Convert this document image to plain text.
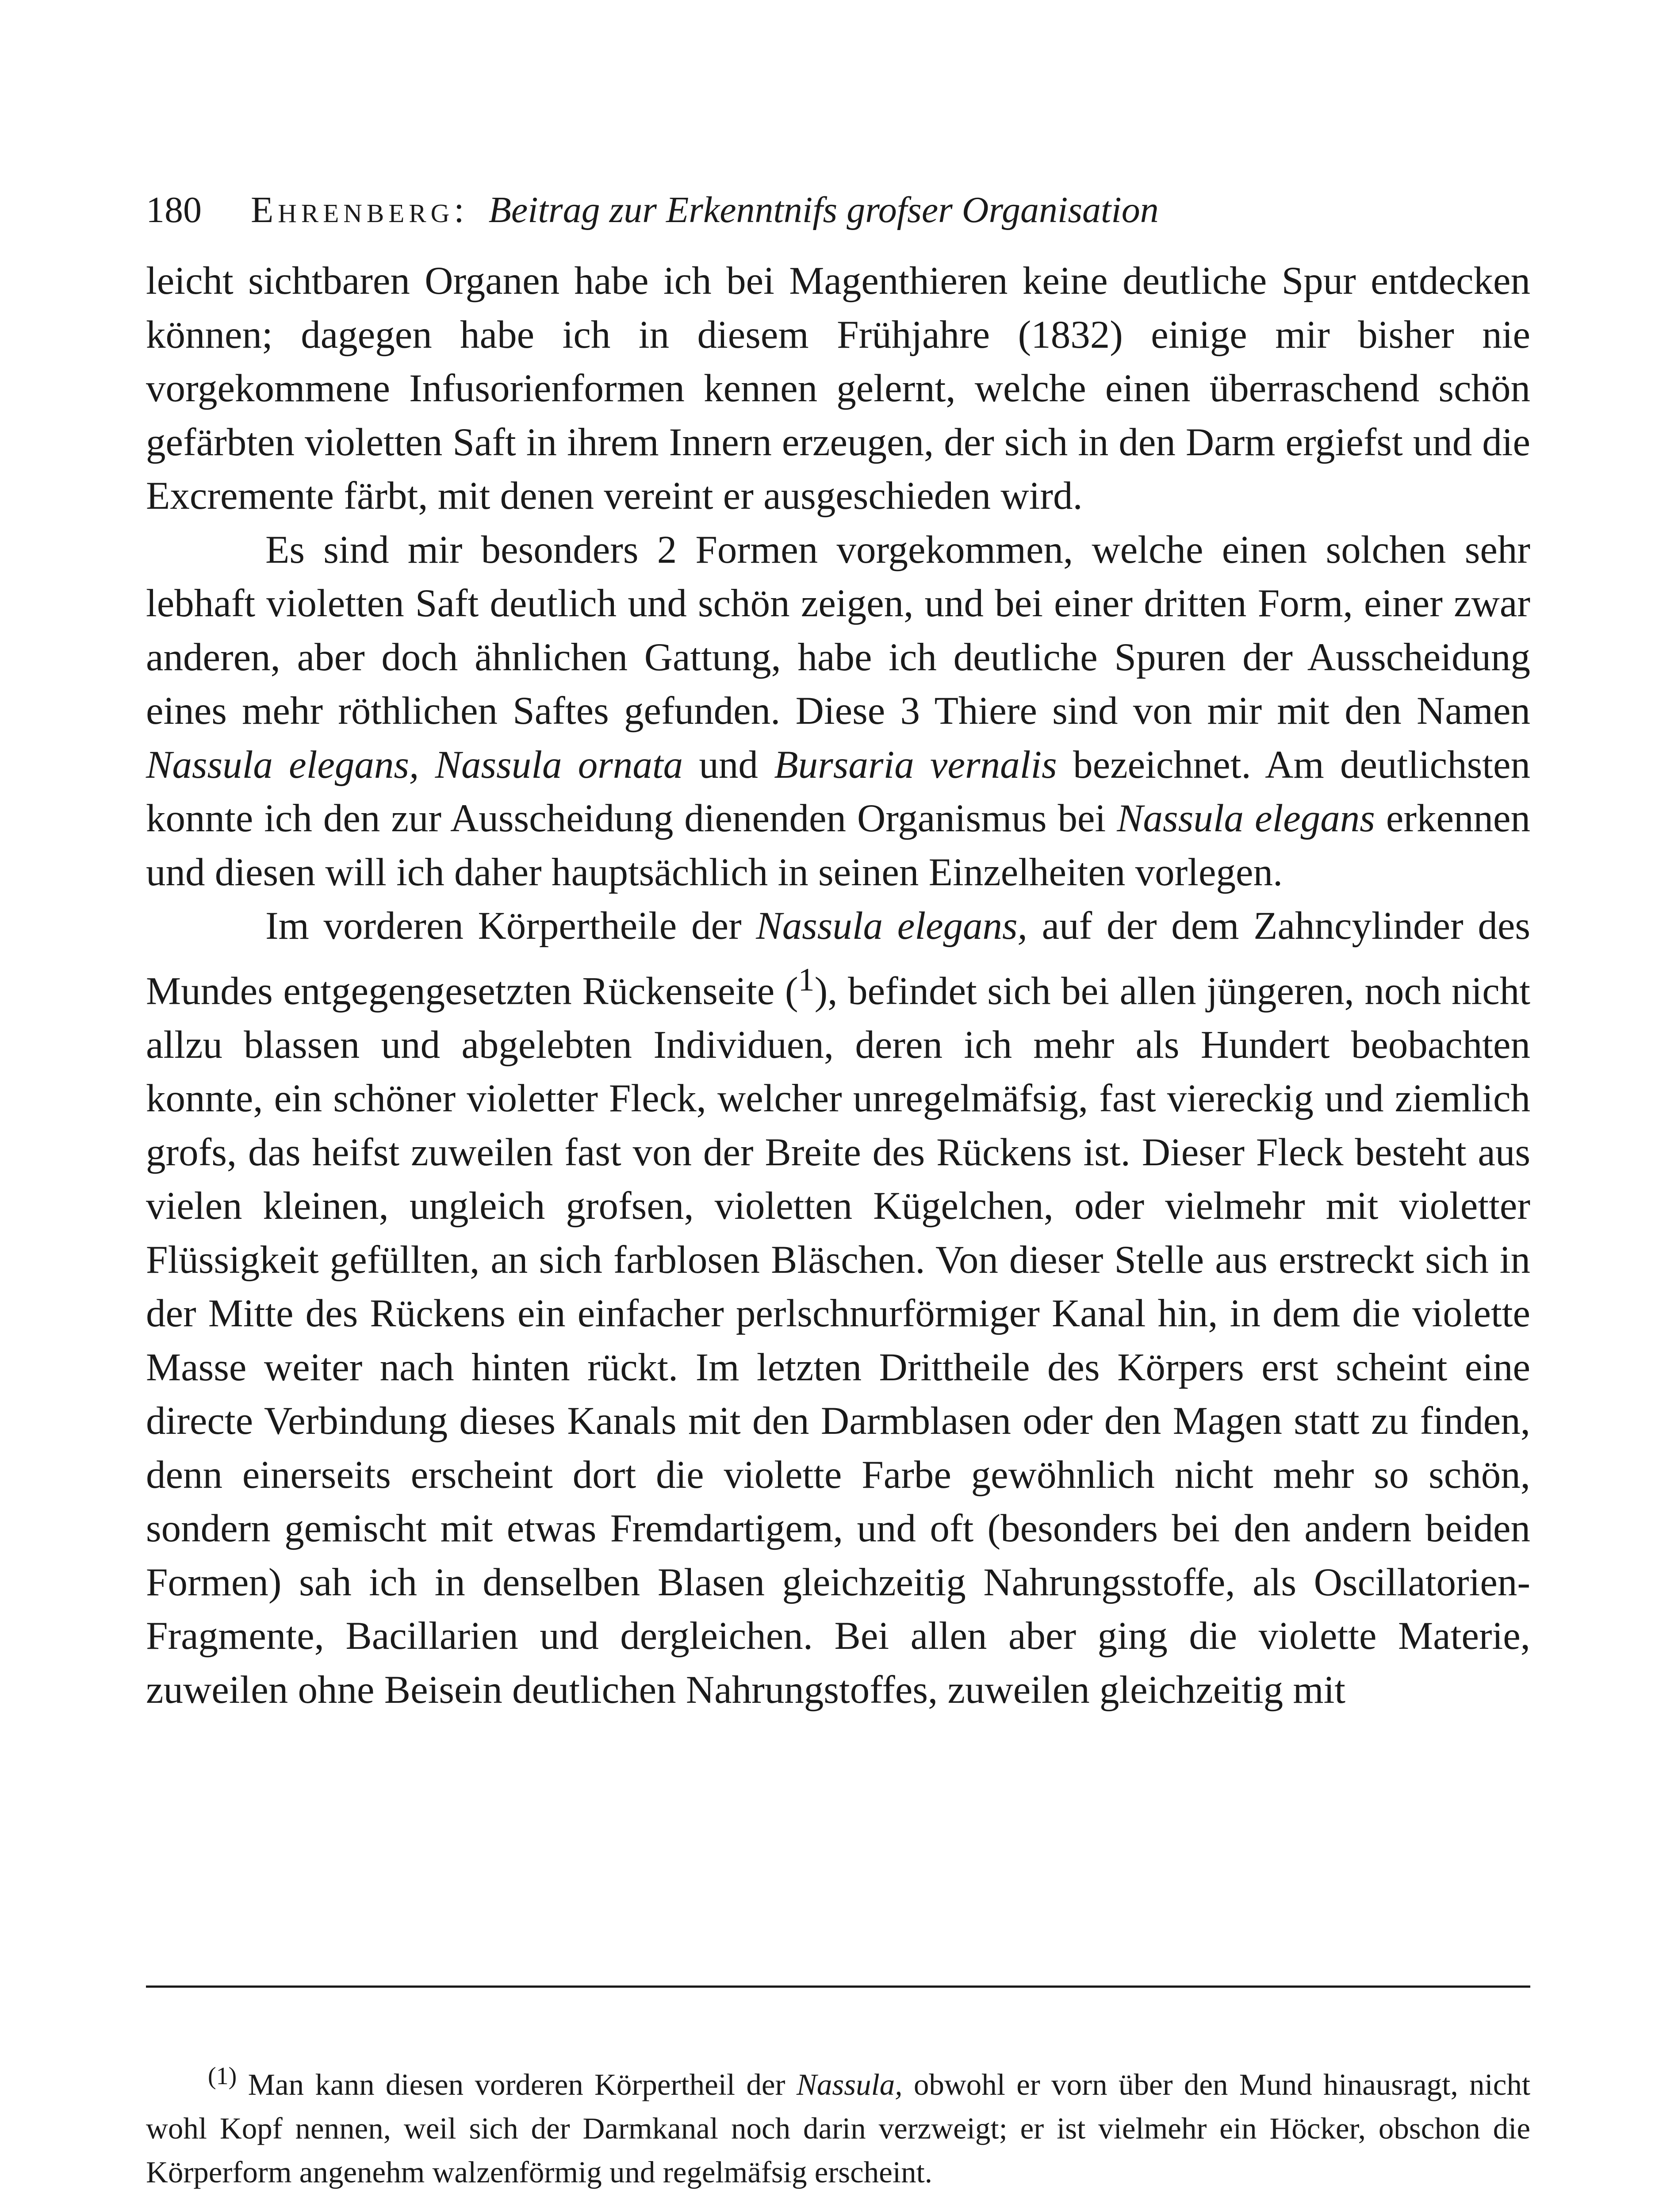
180 Ehrenberg: Beitrag zur Erkenntnifs grofser Organisation

leicht sichtbaren Organen habe ich bei Magenthieren keine deutliche Spur entdecken können; dagegen habe ich in diesem Frühjahre (1832) einige mir bisher nie vorgekommene Infusorienformen kennen gelernt, welche einen überraschend schön gefärbten violetten Saft in ihrem Innern erzeugen, der sich in den Darm ergiefst und die Excremente färbt, mit denen vereint er ausgeschieden wird.

Es sind mir besonders 2 Formen vorgekommen, welche einen solchen sehr lebhaft violetten Saft deutlich und schön zeigen, und bei einer dritten Form, einer zwar anderen, aber doch ähnlichen Gattung, habe ich deutliche Spuren der Ausscheidung eines mehr röthlichen Saftes gefunden. Diese 3 Thiere sind von mir mit den Namen Nassula elegans, Nassula ornata und Bursaria vernalis bezeichnet. Am deutlichsten konnte ich den zur Ausscheidung dienenden Organismus bei Nassula elegans erkennen und diesen will ich daher hauptsächlich in seinen Einzelheiten vorlegen.

Im vorderen Körpertheile der Nassula elegans, auf der dem Zahncylinder des Mundes entgegengesetzten Rückenseite ($^1$), befindet sich bei allen jüngeren, noch nicht allzu blassen und abgelebten Individuen, deren ich mehr als Hundert beobachten konnte, ein schöner violetter Fleck, welcher unregelmäfsig, fast viereckig und ziemlich grofs, das heifst zuweilen fast von der Breite des Rückens ist. Dieser Fleck besteht aus vielen kleinen, ungleich grofsen, violetten Kügelchen, oder vielmehr mit violetter Flüssigkeit gefüllten, an sich farblosen Bläschen. Von dieser Stelle aus erstreckt sich in der Mitte des Rückens ein einfacher perlschnurförmiger Kanal hin, in dem die violette Masse weiter nach hinten rückt. Im letzten Drittheile des Körpers erst scheint eine directe Verbindung dieses Kanals mit den Darmblasen oder den Magen statt zu finden, denn einerseits erscheint dort die violette Farbe gewöhnlich nicht mehr so schön, sondern gemischt mit etwas Fremdartigem, und oft (besonders bei den andern beiden Formen) sah ich in denselben Blasen gleichzeitig Nahrungsstoffe, als Oscillatorien-Fragmente, Bacillarien und dergleichen. Bei allen aber ging die violette Materie, zuweilen ohne Beisein deutlichen Nahrungstoffes, zuweilen gleichzeitig mit

$^{(1)}$ Man kann diesen vorderen Körpertheil der Nassula, obwohl er vorn über den Mund hinausragt, nicht wohl Kopf nennen, weil sich der Darmkanal noch darin verzweigt; er ist vielmehr ein Höcker, obschon die Körperform angenehm walzenförmig und regelmäfsig erscheint.
